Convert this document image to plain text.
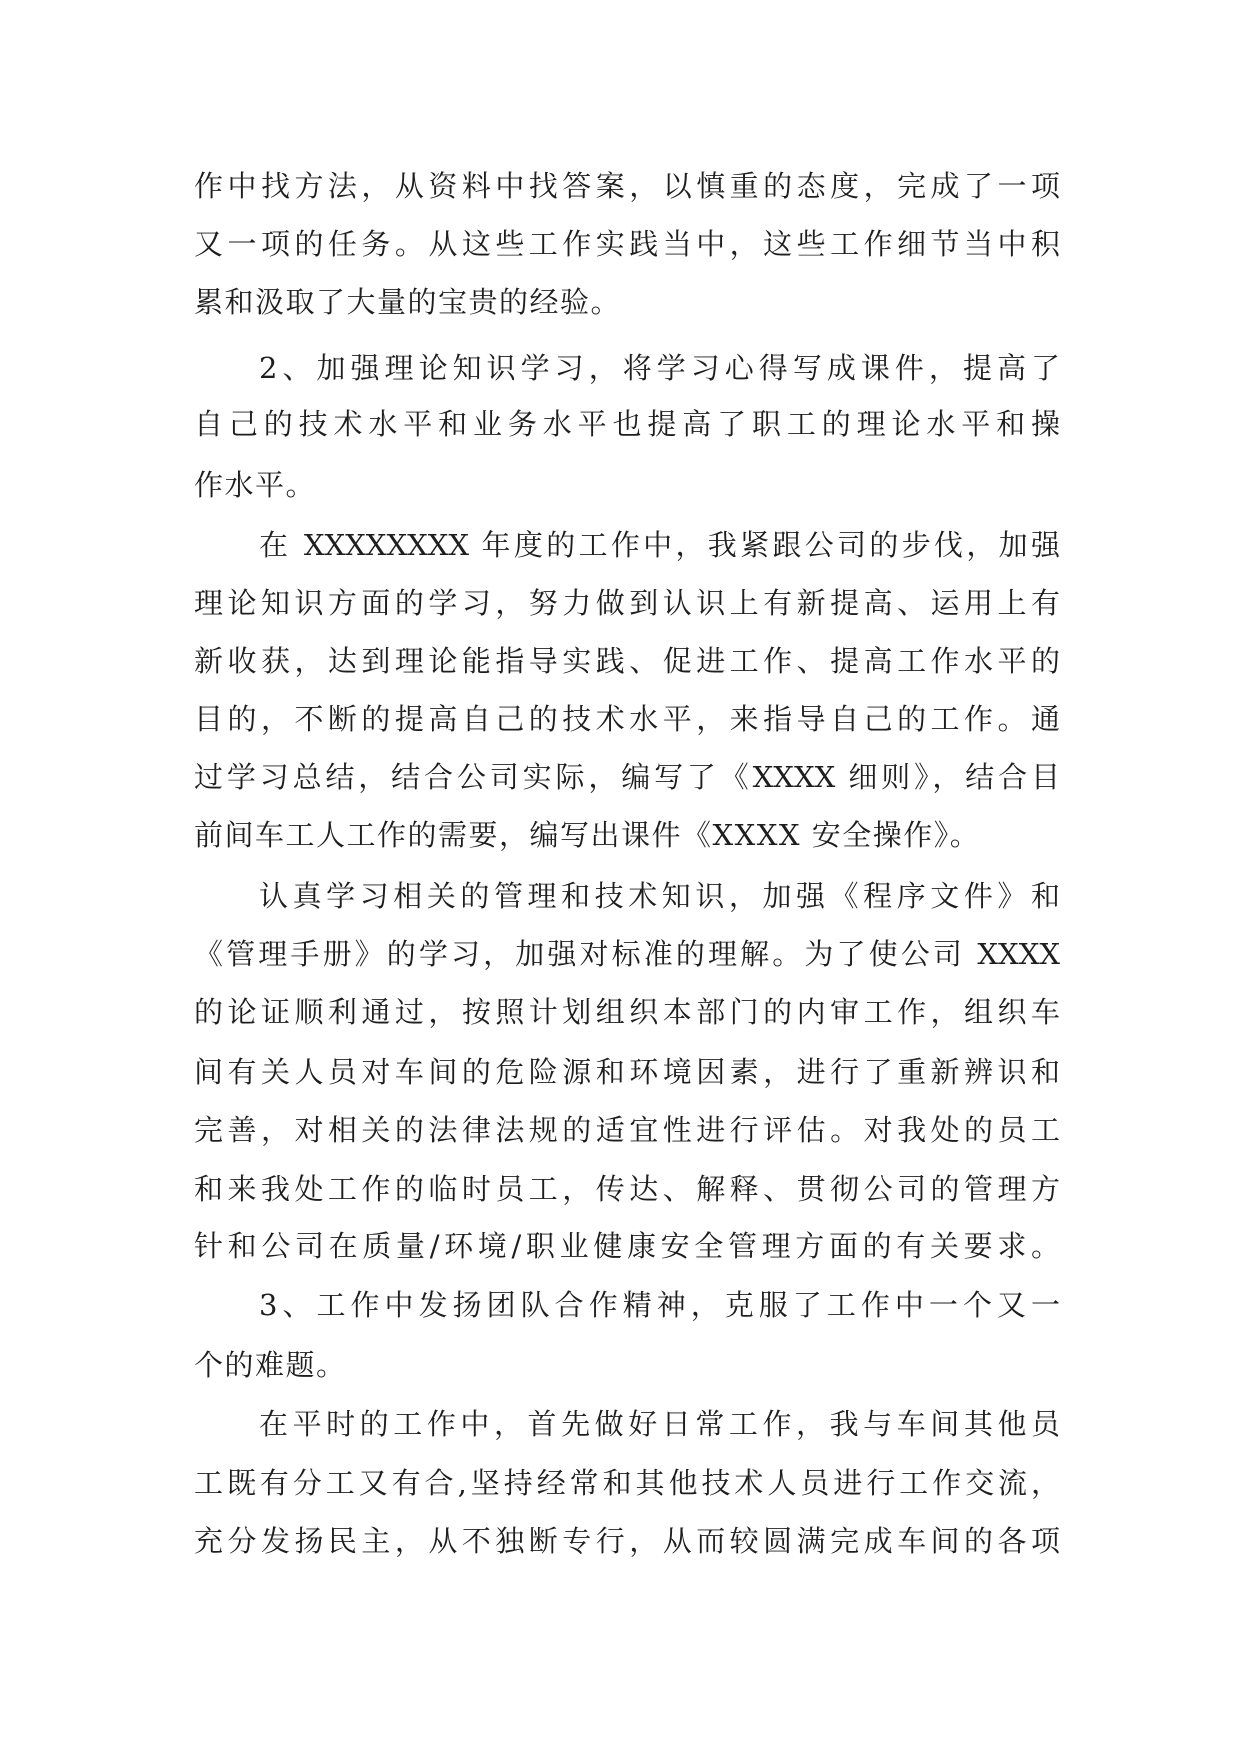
作中找方法，从资料中找答案，以慎重的态度，完成了一项
又一项的任务。从这些工作实践当中，这些工作细节当中积
累和汲取了大量的宝贵的经验。
2、加强理论知识学习，将学习心得写成课件，提高了
自己的技术水平和业务水平也提高了职工的理论水平和操
作水平。
在 XXXXXXXX 年度的工作中，我紧跟公司的步伐，加强
理论知识方面的学习，努力做到认识上有新提高、运用上有
新收获，达到理论能指导实践、促进工作、提高工作水平的
目的，不断的提高自己的技术水平，来指导自己的工作。通
过学习总结，结合公司实际，编写了《XXXX 细则》，结合目
前间车工人工作的需要，编写出课件《XXXX 安全操作》。
认真学习相关的管理和技术知识，加强《程序文件》和
《管理手册》的学习，加强对标准的理解。为了使公司 XXXX
的论证顺利通过，按照计划组织本部门的内审工作，组织车
间有关人员对车间的危险源和环境因素，进行了重新辨识和
完善，对相关的法律法规的适宜性进行评估。对我处的员工
和来我处工作的临时员工，传达、解释、贯彻公司的管理方
针和公司在质量/环境/职业健康安全管理方面的有关要求。
3、工作中发扬团队合作精神，克服了工作中一个又一
个的难题。
在平时的工作中，首先做好日常工作，我与车间其他员
工既有分工又有合,坚持经常和其他技术人员进行工作交流，
充分发扬民主，从不独断专行，从而较圆满完成车间的各项
